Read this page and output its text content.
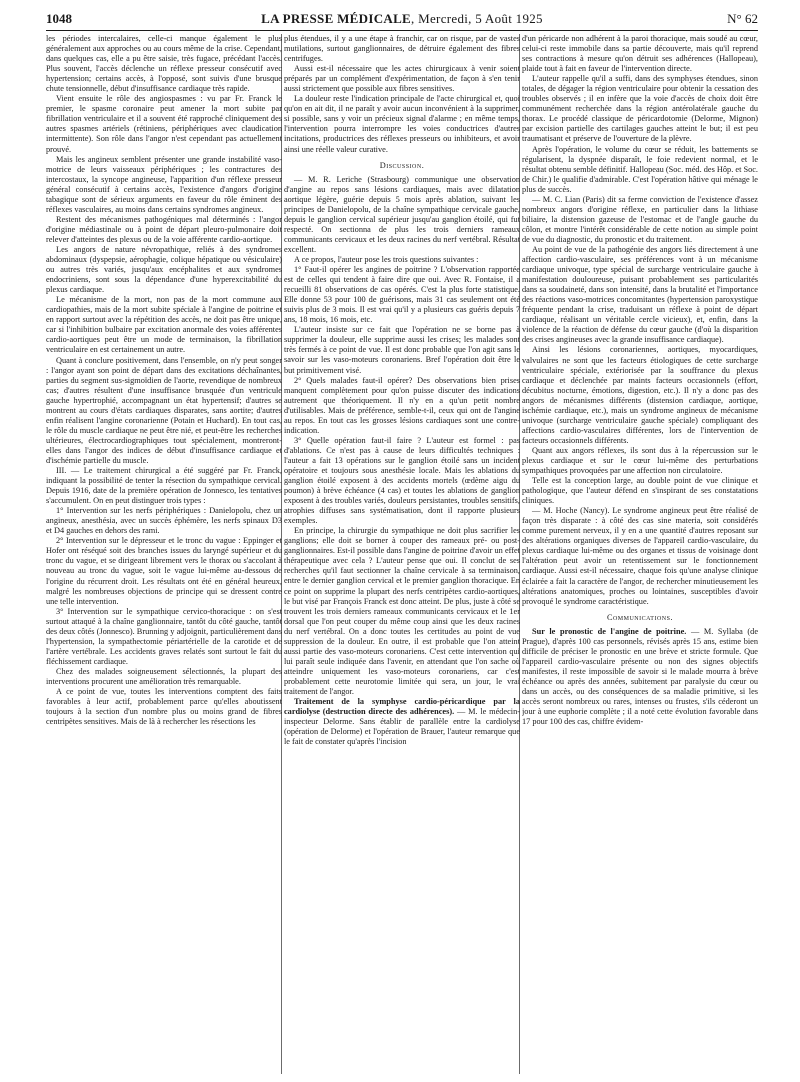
1048	LA PRESSE MÉDICALE, Mercredi, 5 Août 1925	N° 62

les périodes intercalaires, celle-ci manque également le plus généralement aux approches ou au cours même de la crise. Cependant, dans quelques cas, elle a pu être saisie, très fugace, précédant l'accès. Plus souvent, l'accès déclenche un réflexe presseur consécutif avec hypertension; certains accès, à l'opposé, sont suivis d'une brusque chute tensionnelle, début d'insuffisance cardiaque très rapide.

Vient ensuite le rôle des angiospasmes : vu par Fr. Franck le premier, le spasme coronaire peut amener la mort subite par fibrillation ventriculaire et il a souvent été rapproché cliniquement des autres spasmes artériels (rétiniens, périphériques avec claudication intermittente). Son rôle dans l'angor n'est cependant pas actuellement prouvé.

Mais les angineux semblent présenter une grande instabilité vaso-motrice de leurs vaisseaux périphériques ; les contractures des intercostaux, la syncope angineuse, l'apparition d'un réflexe presseur général consécutif à certains accès, l'existence d'angors d'origine tabagique sont de sérieux arguments en faveur du rôle éminent des réflexes vasculaires, au moins dans certains syndromes angineux.

Restent des mécanismes pathogéniques mal déterminés : l'angor d'origine médiastinale ou à point de départ pleuro-pulmonaire doit relever d'atteintes des plexus ou de la voie afférente cardio-aortique.

Les angors de nature névropathique, reliés à des syndromes abdominaux (dyspepsie, aérophagie, colique hépatique ou vésiculaire) ou autres très variés, jusqu'aux encéphalites et aux syndromes endocriniens, sont sous la dépendance d'une hyperexcitabilité du plexus cardiaque.

Le mécanisme de la mort, non pas de la mort commune aux cardiopathies, mais de la mort subite spéciale à l'angine de poitrine et en rapport surtout avec la répétition des accès, ne doit pas être unique, car si l'inhibition bulbaire par excitation anormale des voies afférentes cardio-aortiques peut être un mode de terminaison, la fibrillation ventriculaire en est certainement un autre.

Quant à conclure positivement, dans l'ensemble, on n'y peut songer : l'angor ayant son point de départ dans des excitations déchaînantes, parties du segment sus-sigmoïdien de l'aorte, revendique de nombreux cas; d'autres résultent d'une insuffisance brusquée d'un ventricule gauche hypertrophié, accompagnant un état hypertensif; d'autres se montrent au cours d'états cardiaques disparates, sans aortite; d'autres enfin réalisent l'angine coronarienne (Potain et Huchard). En tout cas, le rôle du muscle cardiaque ne peut être nié, et peut-être les recherches ultérieures, électrocardiographiques tout spécialement, montreront-elles dans l'angor des indices de début d'insuffisance cardiaque et d'ischémie partielle du muscle.

III. — Le traitement chirurgical a été suggéré par Fr. Franck, indiquant la possibilité de tenter la résection du sympathique cervical. Depuis 1916, date de la première opération de Jonnesco, les tentatives s'accumulent. On en peut distinguer trois types :

1° Intervention sur les nerfs périphériques : Danielopolu, chez un angineux, anesthésia, avec un succès éphémère, les nerfs spinaux D3 et D4 gauches en dehors des rami.

2° Intervention sur le dépresseur et le tronc du vague : Eppinger et Hofer ont réséqué soit des branches issues du laryngé supérieur et du tronc du vague, et se dirigeant librement vers le thorax ou s'accolant à nouveau au tronc du vague, soit le vague lui-même au-dessous de l'origine du récurrent droit. Les résultats ont été en général heureux, malgré les nombreuses objections de principe qui se dressent contre une telle intervention.

3° Intervention sur le sympathique cervico-thoracique : on s'est surtout attaqué à la chaîne ganglionnaire, tantôt du côté gauche, tantôt des deux côtés (Jonnesco). Brunning y adjoignit, particulièrement dans l'hypertension, la sympathectomie périartérielle de la carotide et de l'artère vertébrale. Les accidents graves relatés sont surtout le fait du fléchissement cardiaque.

Chez des malades soigneusement sélectionnés, la plupart des interventions procurent une amélioration très remarquable.

A ce point de vue, toutes les interventions comptent des faits favorables à leur actif, probablement parce qu'elles aboutissent toujours à la section d'un nombre plus ou moins grand de fibres centripètes sensitives. Mais de là à rechercher les résections les

plus étendues, il y a une étape à franchir, car on risque, par de vastes mutilations, surtout ganglionnaires, de détruire également des fibres centrifuges.

Aussi est-il nécessaire que les actes chirurgicaux à venir soient préparés par un complément d'expérimentation, de façon à s'en tenir aussi strictement que possible aux fibres sensitives.

La douleur reste l'indication principale de l'acte chirurgical et, quoi qu'on en ait dit, il ne paraît y avoir aucun inconvénient à la supprimer, si possible, sans y voir un précieux signal d'alarme ; en même temps, l'intervention pourra interrompre les voies conductrices d'autres incitations, productrices des réflexes presseurs ou inhibiteurs, et avoir ainsi une réelle valeur curative.

Discussion.

— M. R. Leriche (Strasbourg) communique une observation d'angine au repos sans lésions cardiaques, mais avec dilatation aortique légère, guérie depuis 5 mois après ablation, suivant les principes de Danielopolu, de la chaîne sympathique cervicale gauche, depuis le ganglion cervical supérieur jusqu'au ganglion étoilé, qui fut respecté. On sectionna de plus les trois derniers rameaux communicants cervicaux et les deux racines du nerf vertébral. Résultat excellent.

A ce propos, l'auteur pose les trois questions suivantes :

1° Faut-il opérer les angines de poitrine ? L'observation rapportée est de celles qui tendent à faire dire que oui. Avec R. Fontaise, il a recueilli 81 observations de cas opérés. C'est la plus forte statistique. Elle donne 53 pour 100 de guérisons, mais 31 cas seulement ont été suivis plus de 3 mois. Il est vrai qu'il y a plusieurs cas guéris depuis 7 ans, 18 mois, 16 mois, etc.

L'auteur insiste sur ce fait que l'opération ne se borne pas à supprimer la douleur, elle supprime aussi les crises; les malades sont très fermés à ce point de vue. Il est donc probable que l'on agit sans le savoir sur les vaso-moteurs coronariens. Bref l'opération doit être le but primitivement visé.

2° Quels malades faut-il opérer? Des observations bien prises manquent complètement pour qu'on puisse discuter des indications autrement que théoriquement. Il n'y en a qu'un petit nombre d'utilisables. Mais de préférence, semble-t-il, ceux qui ont de l'angine au repos. En tout cas les grosses lésions cardiaques sont une contre-indication.

3° Quelle opération faut-il faire ? L'auteur est formel : pas d'ablations. Ce n'est pas à cause de leurs difficultés techniques : l'auteur a fait 13 opérations sur le ganglion étoilé sans un incident opératoire et toujours sous anesthésie locale. Mais les ablations du ganglion étoilé exposent à des accidents mortels (œdème aigu du poumon) à brève échéance (4 cas) et toutes les ablations de ganglion exposent à des troubles variés, douleurs persistantes, troubles sensitifs, atrophies diffuses sans systématisation, dont il rapporte plusieurs exemples.

En principe, la chirurgie du sympathique ne doit plus sacrifier les ganglions; elle doit se borner à couper des rameaux pré- ou post-ganglionnaires. Est-il possible dans l'angine de poitrine d'avoir un effet thérapeutique avec cela ? L'auteur pense que oui. Il conclut de ses recherches qu'il faut sectionner la chaîne cervicale à sa terminaison, entre le dernier ganglion cervical et le premier ganglion thoracique. En ce point on supprime la plupart des nerfs centripètes cardio-aortiques, le but visé par François Franck est donc atteint. De plus, juste à côté se trouvent les trois derniers rameaux communicants cervicaux et le 1er dorsal que l'on peut couper du même coup ainsi que les deux racines du nerf vertébral. On a donc toutes les certitudes au point de vue suppression de la douleur. En outre, il est probable que l'on atteint aussi partie des vaso-moteurs coronariens. C'est cette intervention qui lui paraît seule indiquée dans l'avenir, en attendant que l'on sache où atteindre uniquement les vaso-moteurs coronariens, car c'est probablement cette neurotomie limitée qui sera, un jour, le vrai traitement de l'angor.

Traitement de la symphyse cardio-péricardique par la cardiolyse (destruction directe des adhérences). — M. le médecin-inspecteur Delorme. Sans établir de parallèle entre la cardiolyse (opération de Delorme) et l'opération de Brauer, l'auteur remarque que le fait de constater qu'après l'incision

d'un péricarde non adhérent à la paroi thoracique, mais soudé au cœur, celui-ci reste immobile dans sa partie découverte, mais qu'il reprend ses contractions à mesure qu'on détruit ses adhérences (Hallopeau), plaide tout à fait en faveur de l'intervention directe.

L'auteur rappelle qu'il a suffi, dans des symphyses étendues, sinon totales, de dégager la région ventriculaire pour obtenir la cessation des troubles observés ; il en infère que la voie d'accès de choix doit être communément recherchée dans la région antérolatérale gauche du thorax. Le procédé classique de péricardotomie (Delorme, Mignon) par excision partielle des cartilages gauches atteint le but; il est peu traumatisant et préserve de l'ouverture de la plèvre.

Après l'opération, le volume du cœur se réduit, les battements se régularisent, la dyspnée disparaît, le foie redevient normal, et le résultat obtenu semble définitif. Hallopeau (Soc. méd. des Hôp. et Soc. de Chir.) le qualifie d'admirable. C'est l'opération hâtive qui ménage le plus de succès.

— M. C. Lian (Paris) dit sa ferme conviction de l'existence d'assez nombreux angors d'origine réflexe, en particulier dans la lithiase biliaire, la distension gazeuse de l'estomac et de l'angle gauche du côlon, et montre l'intérêt considérable de cette notion au simple point de vue du diagnostic, du pronostic et du traitement.

Au point de vue de la pathogénie des angors liés directement à une affection cardio-vasculaire, ses préférences vont à un mécanisme cardiaque univoque, type spécial de surcharge ventriculaire gauche à manifestation douloureuse, puisant probablement ses particularités dans sa soudaineté, dans son intensité, dans la brutalité et l'importance des réactions vaso-motrices concomitantes (hypertension paroxystique fréquente pendant la crise, traduisant un réflexe à point de départ cardiaque, réalisant un véritable cercle vicieux), et, enfin, dans la violence de la réaction de défense du cœur gauche (d'où la disparition des crises angineuses avec la grande insuffisance cardiaque).

Ainsi les lésions coronariennes, aortiques, myocardiques, valvulaires ne sont que les facteurs étiologiques de cette surcharge ventriculaire spéciale, extériorisée par la souffrance du plexus cardiaque et déclenchée par maints facteurs occasionnels (effort, décubitus nocturne, émotions, digestion, etc.). Il n'y a donc pas des angors de mécanismes différents (distension cardiaque, aortique, ischémie cardiaque, etc.), mais un syndrome angineux de mécanisme univoque (surcharge ventriculaire gauche spéciale) compliquant des affections cardio-vasculaires différentes, lors de l'intervention de facteurs occasionnels différents.

Quant aux angors réflexes, ils sont dus à la répercussion sur le plexus cardiaque et sur le cœur lui-même des perturbations sympathiques provoquées par une affection non circulatoire.

Telle est la conception large, au double point de vue clinique et pathologique, que l'auteur défend en s'inspirant de ses constatations cliniques.

— M. Hoche (Nancy). Le syndrome angineux peut être réalisé de façon très disparate : à côté des cas sine materia, soit considérés comme purement nerveux, il y en a une quantité d'autres reposant sur des altérations organiques diverses de l'appareil cardio-vasculaire, du plexus cardiaque lui-même ou des organes et tissus de voisinage dont l'altération peut avoir un retentissement sur le fonctionnement cardiaque. Aussi est-il nécessaire, chaque fois qu'une analyse clinique éclairée a fait la caractère de l'angor, de rechercher minutieusement les altérations anatomiques, proches ou lointaines, susceptibles d'avoir provoqué le syndrome caractéristique.

Communications.

Sur le pronostic de l'angine de poitrine. — M. Syllaba (de Prague), d'après 100 cas personnels, révisés après 15 ans, estime bien difficile de préciser le pronostic en une brève et stricte formule. Que l'appareil cardio-vasculaire présente ou non des signes objectifs manifestes, il reste impossible de savoir si le malade mourra à brève échéance ou après des années, subitement par paralysie du cœur ou dans un accès, ou des conséquences de sa maladie primitive, si les accès seront nombreux ou rares, intenses ou frustes, s'ils céderont un jour à une euphorie complète ; il a noté cette évolution favorable dans 17 pour 100 des cas, chiffre évidem-
